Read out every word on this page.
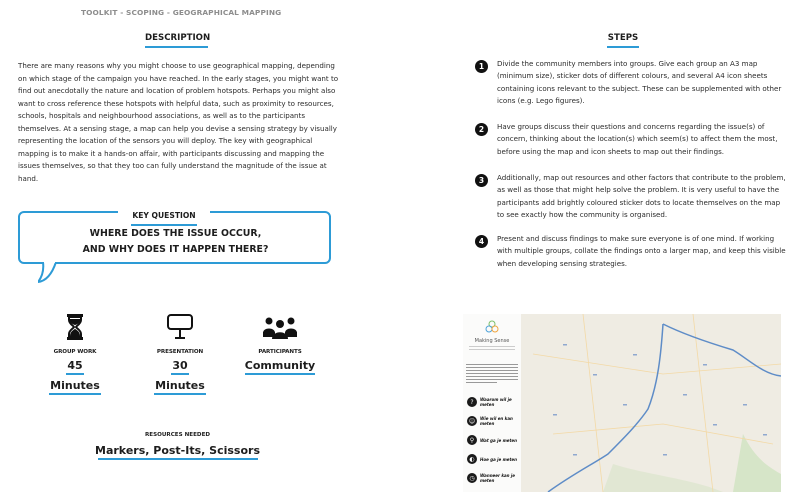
TOOLKIT - SCOPING - GEOGRAPHICAL MAPPING
DESCRIPTION

There are many reasons why you might choose to use geographical mapping, depending on which stage of the campaign you have reached. In the early stages, you might want to find out anecdotally the nature and location of problem hotspots. Perhaps you might also want to cross reference these hotspots with helpful data, such as proximity to resources, schools, hospitals and neighbourhood associations, as well as to the participants themselves. At a sensing stage, a map can help you devise a sensing strategy by visually representing the location of the sensors you will deploy. The key with geographical mapping is to make it a hands-on affair, with participants discussing and mapping the issues themselves, so that they too can fully understand the magnitude of the issue at hand.

KEY QUESTION
WHERE DOES THE ISSUE OCCUR,
AND WHY DOES IT HAPPEN THERE?
GROUP WORK
45
Minutes
PRESENTATION
30
Minutes
PARTICIPANTS
Community
RESOURCES NEEDED
Markers, Post-Its, Scissors
STEPS
1	Divide the community members into groups. Give each group an A3 map (minimum size), sticker dots of different colours, and several A4 icon sheets containing icons relevant to the subject. These can be supplemented with other icons (e.g. Lego figures).
2	Have groups discuss their questions and concerns regarding the issue(s) of concern, thinking about the location(s) which seem(s) to affect them the most, before using the map and icon sheets to map out their findings.
3	Additionally, map out resources and other factors that contribute to the problem, as well as those that might help solve the problem. It is very useful to have the participants add brightly coloured sticker dots to locate themselves on the map to see exactly how the community is organised.
4	Present and discuss findings to make sure everyone is of one mind. If working with multiple groups, collate the findings onto a larger map, and keep this visible when developing sensing strategies.
Making Sense
?	Waarom wil je meten
☺	Wie wil en kan meten
⚲	Wat ga je meten
◐	Hoe ga je meten
◷	Wanneer kan je meten
